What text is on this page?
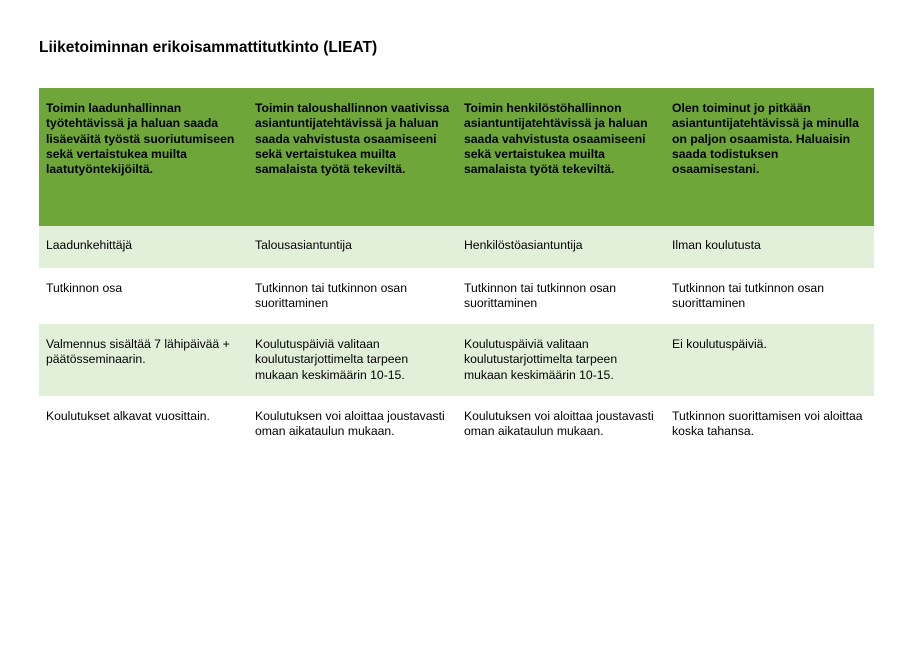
Liiketoiminnan erikoisammattitutkinto (LIEAT)
Toimin laadunhallinnan työtehtävissä ja haluan saada lisäeväitä työstä suoriutumiseen sekä vertaistukea muilta laatutyöntekijöiltä.	Toimin taloushallinnon vaativissa asiantuntijatehtävissä ja haluan saada vahvistusta osaamiseeni sekä vertaistukea muilta samalaista työtä tekeviltä.	Toimin henkilöstöhallinnon asiantuntijatehtävissä ja haluan saada vahvistusta osaamiseeni sekä vertaistukea muilta samalaista työtä tekeviltä.	Olen toiminut jo pitkään asiantuntijatehtävissä ja minulla on paljon osaamista. Haluaisin saada todistuksen osaamisestani.
Laadunkehittäjä	Talousasiantuntija	Henkilöstöasiantuntija	Ilman koulutusta
Tutkinnon osa	Tutkinnon tai tutkinnon osan suorittaminen	Tutkinnon tai tutkinnon osan suorittaminen	Tutkinnon tai tutkinnon osan suorittaminen
Valmennus sisältää 7 lähipäivää + päätösseminaarin.	Koulutuspäiviä valitaan koulutustarjottimelta tarpeen mukaan keskimäärin 10-15.	Koulutuspäiviä valitaan koulutustarjottimelta tarpeen mukaan keskimäärin 10-15.	Ei koulutuspäiviä.
Koulutukset alkavat vuosittain.	Koulutuksen voi aloittaa joustavasti oman aikataulun mukaan.	Koulutuksen voi aloittaa joustavasti oman aikataulun mukaan.	Tutkinnon suorittamisen voi aloittaa koska tahansa.
